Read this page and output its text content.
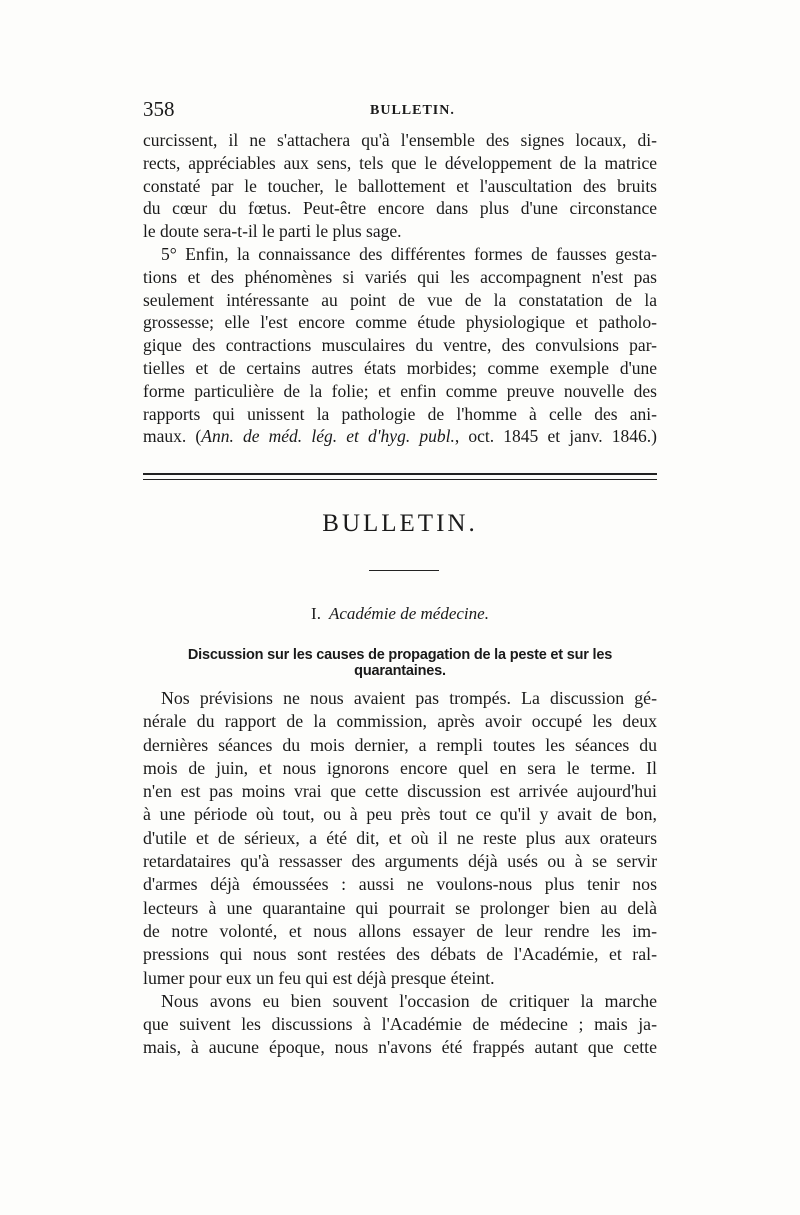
358	BULLETIN.
curcissent, il ne s'attachera qu'à l'ensemble des signes locaux, di-
rects, appréciables aux sens, tels que le développement de la matrice
constaté par le toucher, le ballottement et l'auscultation des bruits
du cœur du fœtus. Peut-être encore dans plus d'une circonstance
le doute sera-t-il le parti le plus sage.
5° Enfin, la connaissance des différentes formes de fausses gesta-
tions et des phénomènes si variés qui les accompagnent n'est pas
seulement intéressante au point de vue de la constatation de la
grossesse; elle l'est encore comme étude physiologique et patholo-
gique des contractions musculaires du ventre, des convulsions par-
tielles et de certains autres états morbides; comme exemple d'une
forme particulière de la folie; et enfin comme preuve nouvelle des
rapports qui unissent la pathologie de l'homme à celle des ani-
maux. (Ann. de méd. lég. et d'hyg. publ., oct. 1845 et janv. 1846.)
BULLETIN.
I. Académie de médecine.
Discussion sur les causes de propagation de la peste et sur les quarantaines.
Nos prévisions ne nous avaient pas trompés. La discussion gé-
nérale du rapport de la commission, après avoir occupé les deux
dernières séances du mois dernier, a rempli toutes les séances du
mois de juin, et nous ignorons encore quel en sera le terme. Il
n'en est pas moins vrai que cette discussion est arrivée aujourd'hui
à une période où tout, ou à peu près tout ce qu'il y avait de bon,
d'utile et de sérieux, a été dit, et où il ne reste plus aux orateurs
retardataires qu'à ressasser des arguments déjà usés ou à se servir
d'armes déjà émoussées : aussi ne voulons-nous plus tenir nos
lecteurs à une quarantaine qui pourrait se prolonger bien au delà
de notre volonté, et nous allons essayer de leur rendre les im-
pressions qui nous sont restées des débats de l'Académie, et ral-
lumer pour eux un feu qui est déjà presque éteint.
Nous avons eu bien souvent l'occasion de critiquer la marche
que suivent les discussions à l'Académie de médecine ; mais ja-
mais, à aucune époque, nous n'avons été frappés autant que cette
